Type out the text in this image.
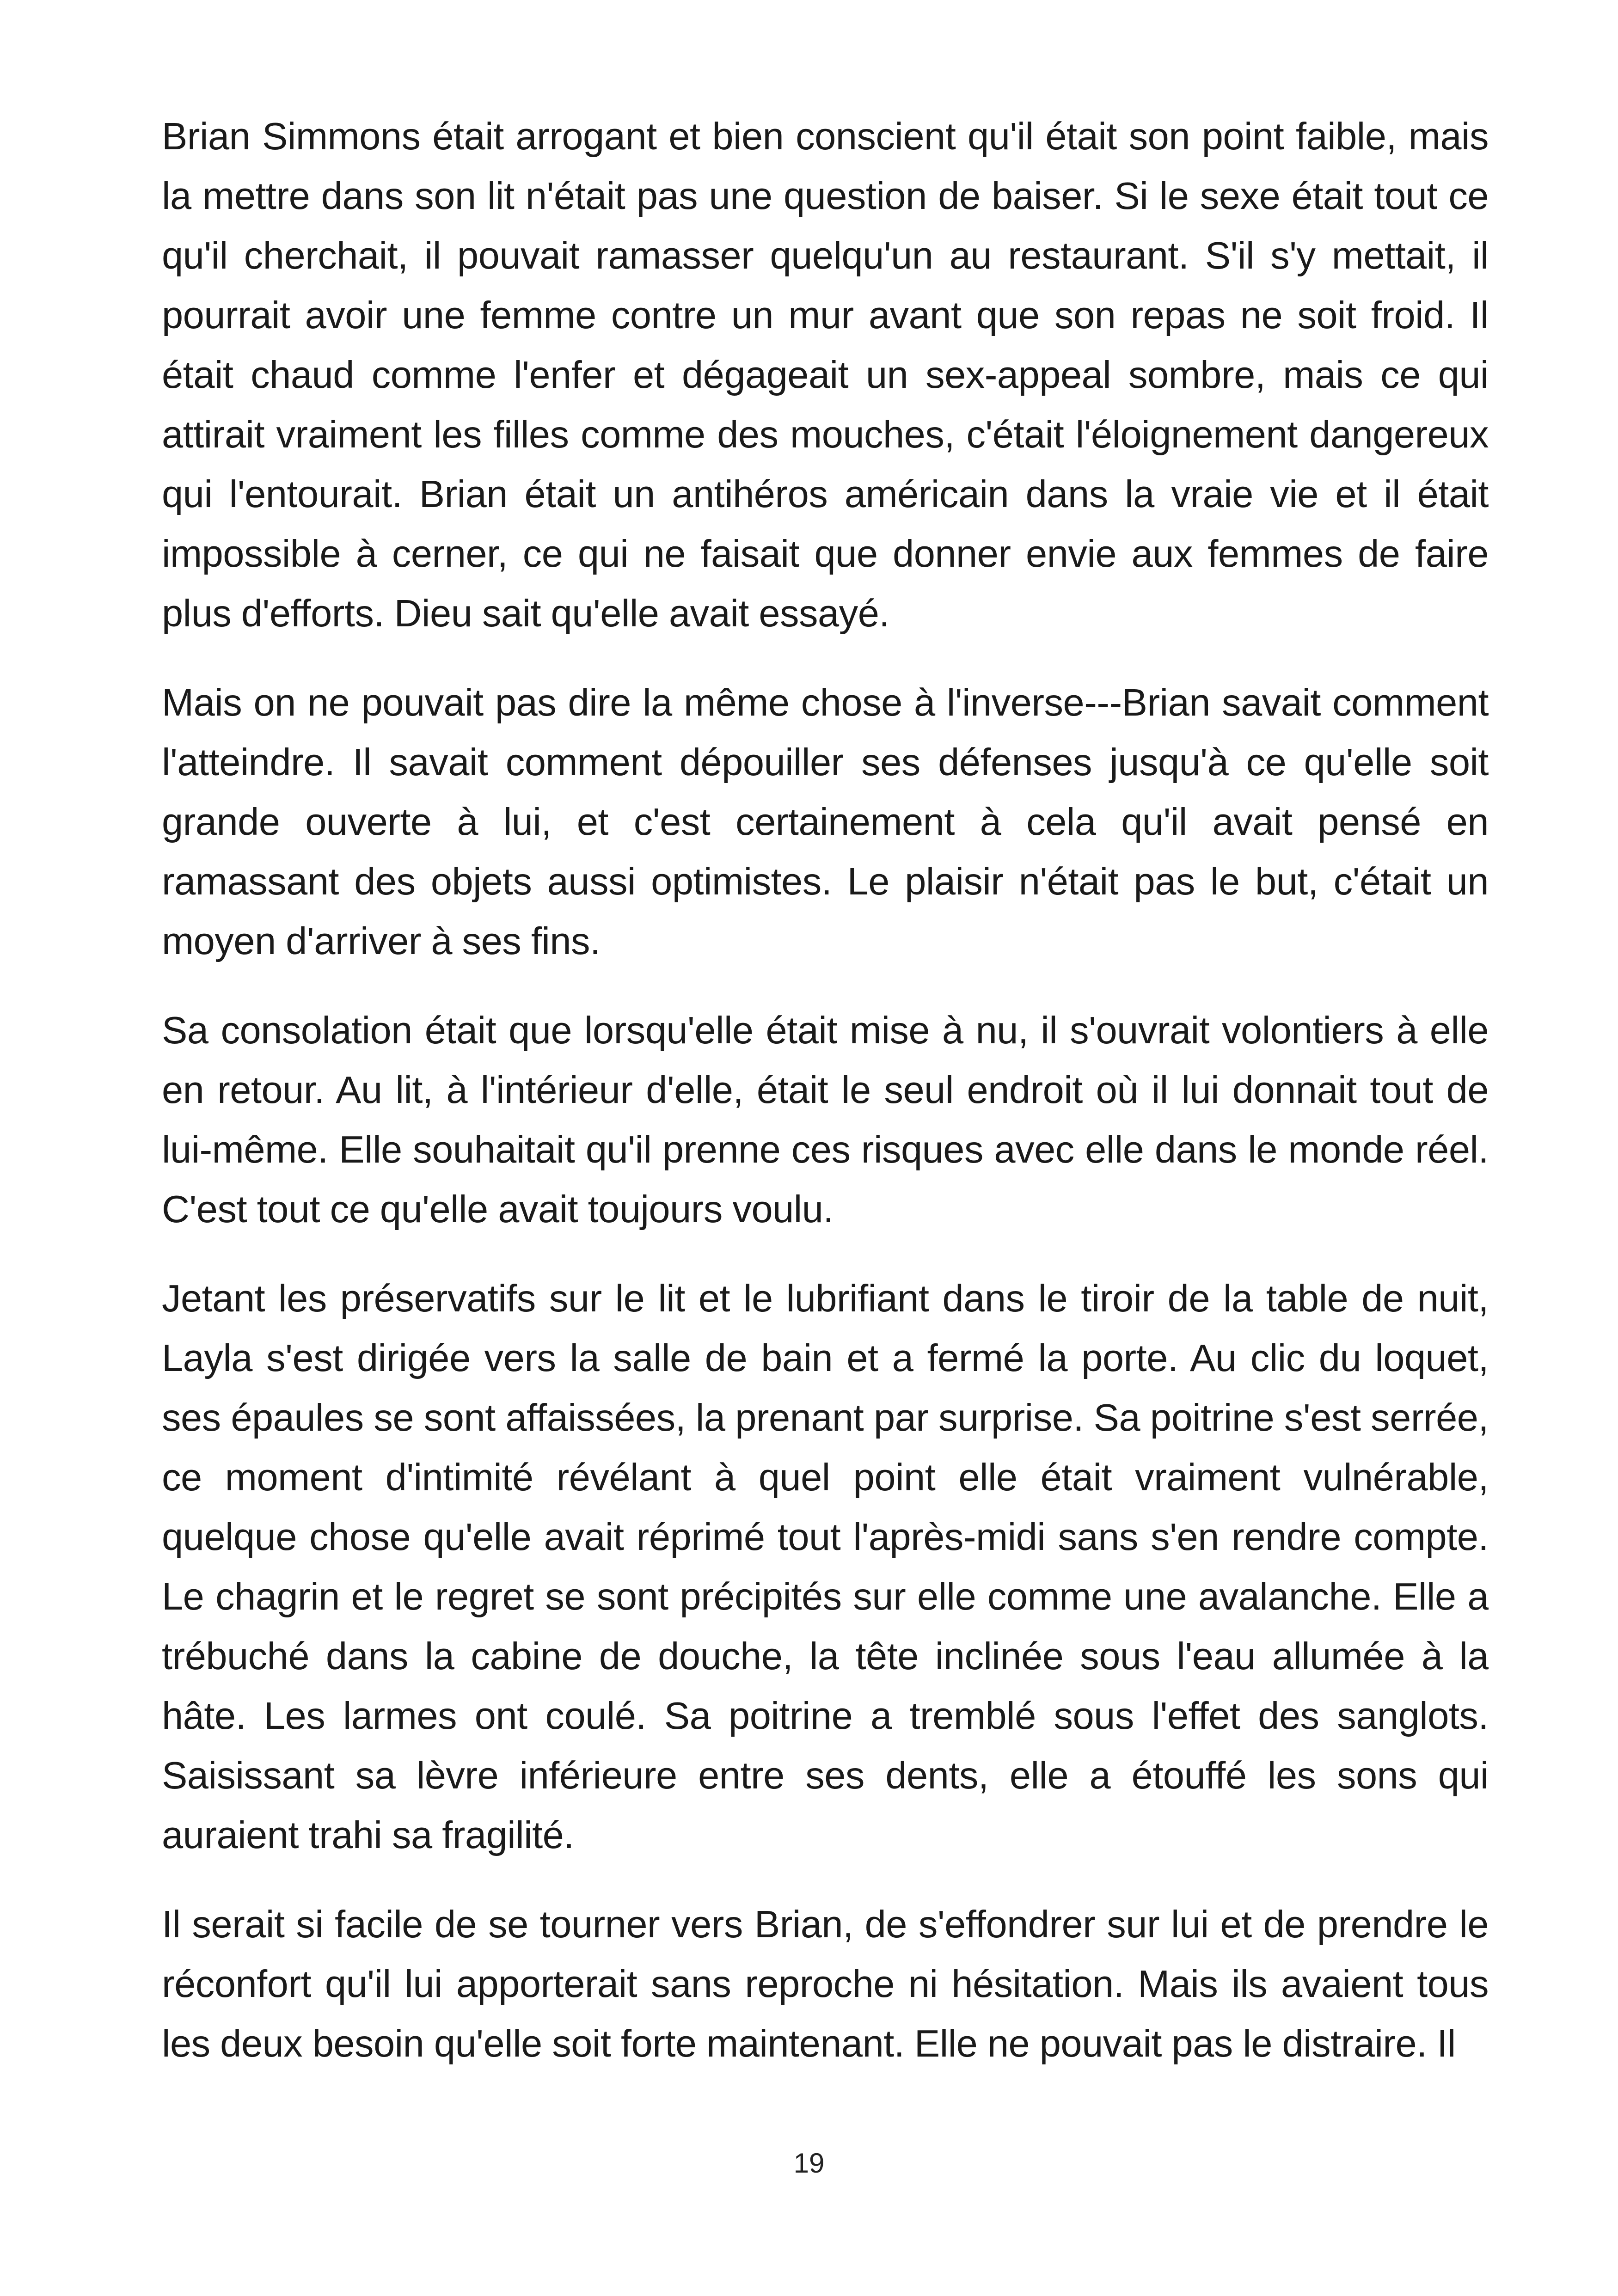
Brian Simmons était arrogant et bien conscient qu'il était son point faible, mais la mettre dans son lit n'était pas une question de baiser. Si le sexe était tout ce qu'il cherchait, il pouvait ramasser quelqu'un au restaurant. S'il s'y mettait, il pourrait avoir une femme contre un mur avant que son repas ne soit froid. Il était chaud comme l'enfer et dégageait un sex-appeal sombre, mais ce qui attirait vraiment les filles comme des mouches, c'était l'éloignement dangereux qui l'entourait. Brian était un antihéros américain dans la vraie vie et il était impossible à cerner, ce qui ne faisait que donner envie aux femmes de faire plus d'efforts. Dieu sait qu'elle avait essayé.

Mais on ne pouvait pas dire la même chose à l'inverse---Brian savait comment l'atteindre. Il savait comment dépouiller ses défenses jusqu'à ce qu'elle soit grande ouverte à lui, et c'est certainement à cela qu'il avait pensé en ramassant des objets aussi optimistes. Le plaisir n'était pas le but, c'était un moyen d'arriver à ses fins.

Sa consolation était que lorsqu'elle était mise à nu, il s'ouvrait volontiers à elle en retour. Au lit, à l'intérieur d'elle, était le seul endroit où il lui donnait tout de lui-même. Elle souhaitait qu'il prenne ces risques avec elle dans le monde réel. C'est tout ce qu'elle avait toujours voulu.

Jetant les préservatifs sur le lit et le lubrifiant dans le tiroir de la table de nuit, Layla s'est dirigée vers la salle de bain et a fermé la porte. Au clic du loquet, ses épaules se sont affaissées, la prenant par surprise. Sa poitrine s'est serrée, ce moment d'intimité révélant à quel point elle était vraiment vulnérable, quelque chose qu'elle avait réprimé tout l'après-midi sans s'en rendre compte. Le chagrin et le regret se sont précipités sur elle comme une avalanche. Elle a trébuché dans la cabine de douche, la tête inclinée sous l'eau allumée à la hâte. Les larmes ont coulé. Sa poitrine a tremblé sous l'effet des sanglots. Saisissant sa lèvre inférieure entre ses dents, elle a étouffé les sons qui auraient trahi sa fragilité.

Il serait si facile de se tourner vers Brian, de s'effondrer sur lui et de prendre le réconfort qu'il lui apporterait sans reproche ni hésitation. Mais ils avaient tous les deux besoin qu'elle soit forte maintenant. Elle ne pouvait pas le distraire. Il

19
